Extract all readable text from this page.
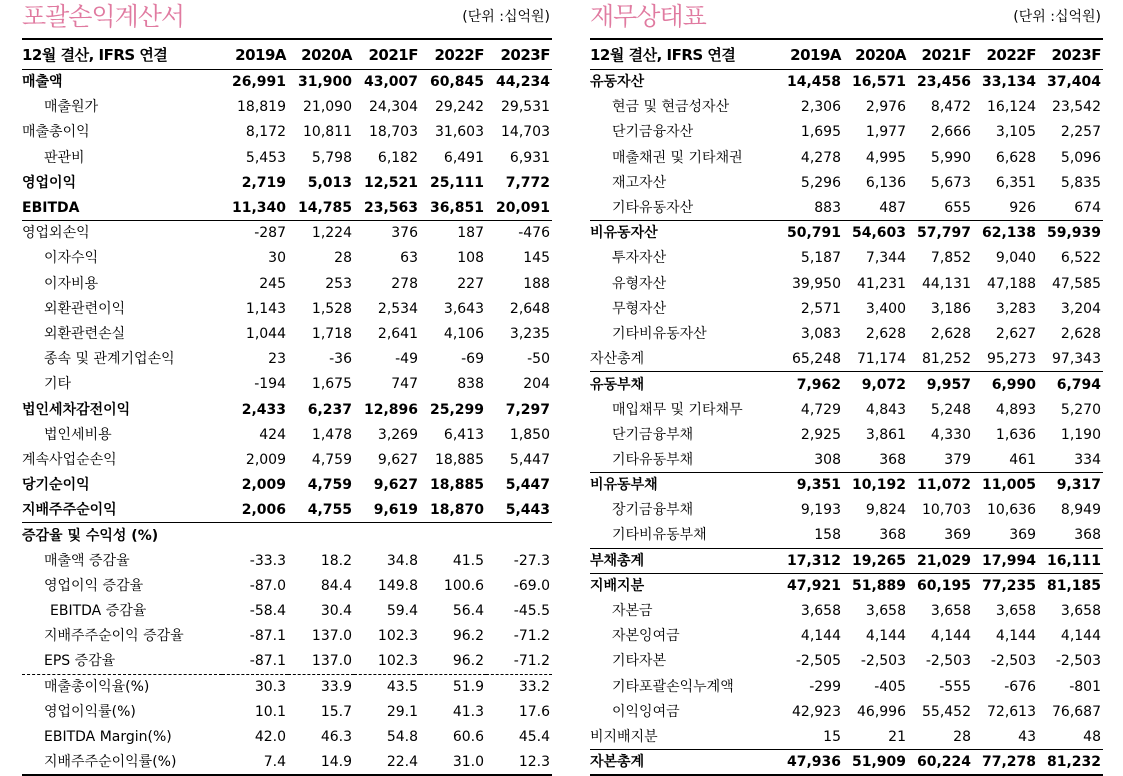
포괄손익계산서	(단위 :십억원)
12월 결산, IFRS 연결	2019A	2020A	2021F	2022F	2023F
매출액	26,991	31,900	43,007	60,845	44,234
매출원가	18,819	21,090	24,304	29,242	29,531
매출총이익	8,172	10,811	18,703	31,603	14,703
판관비	5,453	5,798	6,182	6,491	6,931
영업이익	2,719	5,013	12,521	25,111	7,772
EBITDA	11,340	14,785	23,563	36,851	20,091
영업외손익	-287	1,224	376	187	-476
이자수익	30	28	63	108	145
이자비용	245	253	278	227	188
외환관련이익	1,143	1,528	2,534	3,643	2,648
외환관련손실	1,044	1,718	2,641	4,106	3,235
종속 및 관계기업손익	23	-36	-49	-69	-50
기타	-194	1,675	747	838	204
법인세차감전이익	2,433	6,237	12,896	25,299	7,297
법인세비용	424	1,478	3,269	6,413	1,850
계속사업순손익	2,009	4,759	9,627	18,885	5,447
당기순이익	2,009	4,759	9,627	18,885	5,447
지배주주순이익	2,006	4,755	9,619	18,870	5,443
증감율 및 수익성 (%)					
매출액 증감율	-33.3	18.2	34.8	41.5	-27.3
영업이익 증감율	-87.0	84.4	149.8	100.6	-69.0
EBITDA 증감율	-58.4	30.4	59.4	56.4	-45.5
지배주주순이익 증감율	-87.1	137.0	102.3	96.2	-71.2
EPS 증감율	-87.1	137.0	102.3	96.2	-71.2
매출총이익율(%)	30.3	33.9	43.5	51.9	33.2
영업이익률(%)	10.1	15.7	29.1	41.3	17.6
EBITDA Margin(%)	42.0	46.3	54.8	60.6	45.4
지배주주순이익률(%)	7.4	14.9	22.4	31.0	12.3
재무상태표	(단위 :십억원)
12월 결산, IFRS 연결	2019A	2020A	2021F	2022F	2023F
유동자산	14,458	16,571	23,456	33,134	37,404
현금 및 현금성자산	2,306	2,976	8,472	16,124	23,542
단기금융자산	1,695	1,977	2,666	3,105	2,257
매출채권 및 기타채권	4,278	4,995	5,990	6,628	5,096
재고자산	5,296	6,136	5,673	6,351	5,835
기타유동자산	883	487	655	926	674
비유동자산	50,791	54,603	57,797	62,138	59,939
투자자산	5,187	7,344	7,852	9,040	6,522
유형자산	39,950	41,231	44,131	47,188	47,585
무형자산	2,571	3,400	3,186	3,283	3,204
기타비유동자산	3,083	2,628	2,628	2,627	2,628
자산총계	65,248	71,174	81,252	95,273	97,343
유동부채	7,962	9,072	9,957	6,990	6,794
매입채무 및 기타채무	4,729	4,843	5,248	4,893	5,270
단기금융부채	2,925	3,861	4,330	1,636	1,190
기타유동부채	308	368	379	461	334
비유동부채	9,351	10,192	11,072	11,005	9,317
장기금융부채	9,193	9,824	10,703	10,636	8,949
기타비유동부채	158	368	369	369	368
부채총계	17,312	19,265	21,029	17,994	16,111
지배지분	47,921	51,889	60,195	77,235	81,185
자본금	3,658	3,658	3,658	3,658	3,658
자본잉여금	4,144	4,144	4,144	4,144	4,144
기타자본	-2,505	-2,503	-2,503	-2,503	-2,503
기타포괄손익누계액	-299	-405	-555	-676	-801
이익잉여금	42,923	46,996	55,452	72,613	76,687
비지배지분	15	21	28	43	48
자본총계	47,936	51,909	60,224	77,278	81,232
